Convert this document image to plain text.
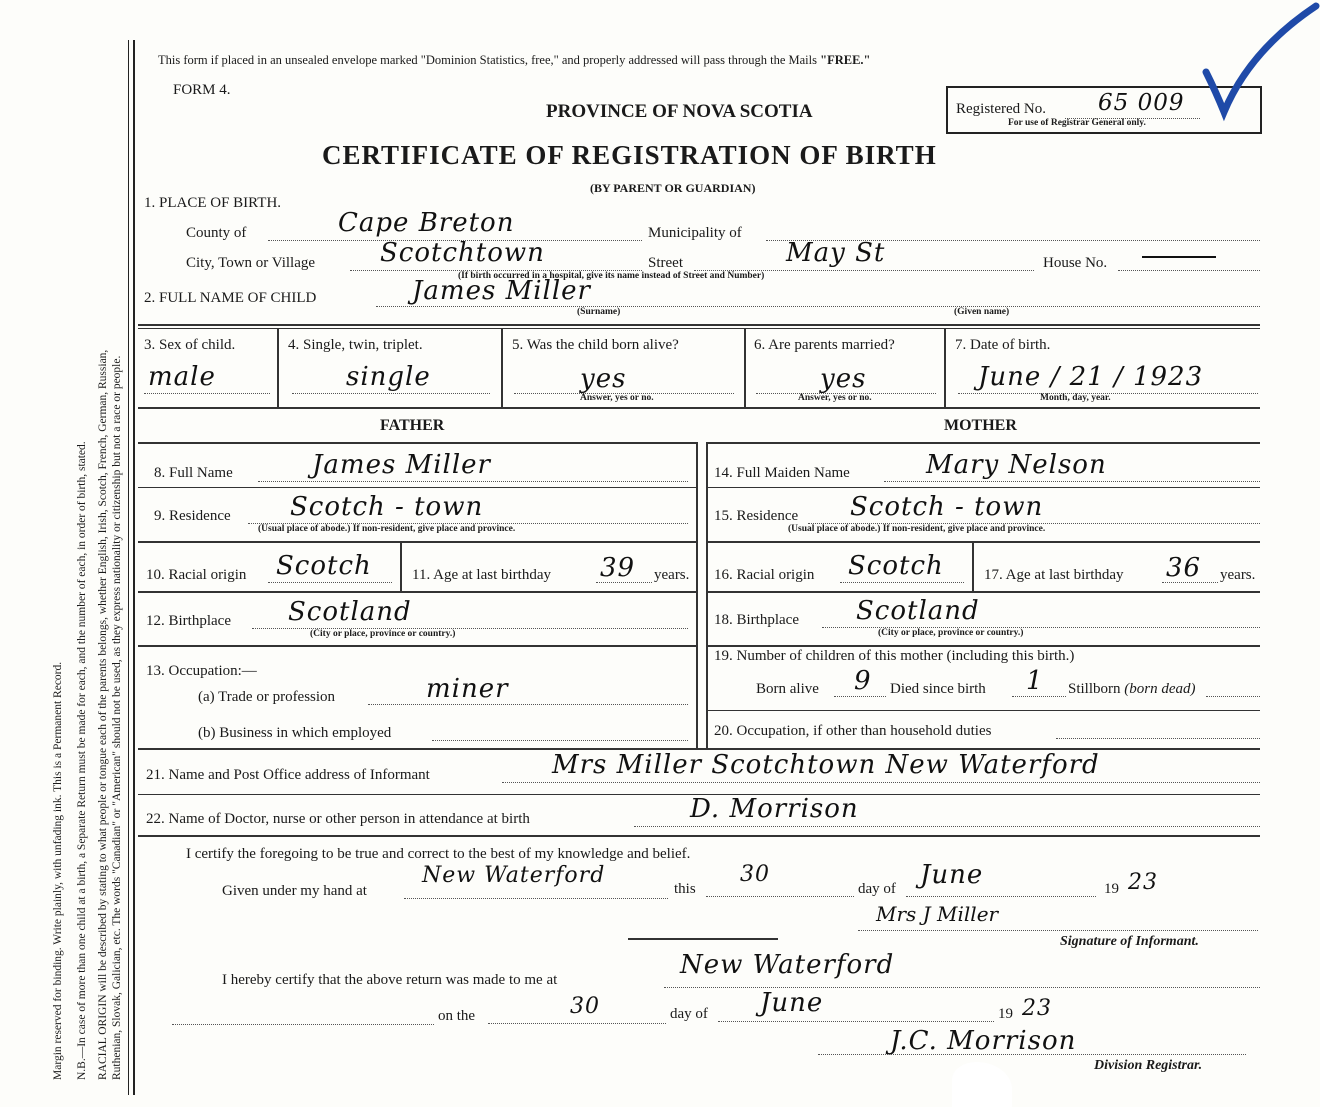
Margin reserved for binding. Write plainly, with unfading ink. This is a Permanent Record. N.B.—In case of more than one child at a birth, a Separate Return must be made for each, and the number of each, in order of birth, stated. RACIAL ORIGIN will be described by stating to what people or tongue each of the parents belongs, whether English, Irish, Scotch, French, German, Russian, Ruthenian, Slovak, Galician, etc. The words "Canadian" or "American" should not be used, as they express nationality or citizenship but not a race or people.
This form if placed in an unsealed envelope marked "Dominion Statistics, free," and properly addressed will pass through the Mails "FREE."
FORM 4.
PROVINCE OF NOVA SCOTIA	Registered No. 65 009
For use of Registrar General only.
CERTIFICATE OF REGISTRATION OF BIRTH
(BY PARENT OR GUARDIAN)
1. PLACE OF BIRTH.
County of	Cape Breton	Municipality of
City, Town or Village Scotchtown	Street	May St	House No.
(If birth occurred in a hospital, give its name instead of Street and Number)
2. FULL NAME OF CHILD	James Miller
(Surname)	(Given name)
3. Sex of child.
male
4. Single, twin, triplet.
single
5. Was the child born alive?
yes
Answer, yes or no.
6. Are parents married?
yes
Answer, yes or no.
7. Date of birth.
June / 21 / 1923
Month, day, year.
FATHER	MOTHER
8. Full Name	James Miller
9. Residence Scotch - town
(Usual place of abode.) If non-resident, give place and province.
10. Racial origin Scotch	11. Age at last birthday 39 years.
12. Birthplace Scotland
(City or place, province or country.)
13. Occupation:—
(a) Trade or profession	miner
(b) Business in which employed
14. Full Maiden Name	Mary Nelson
15. Residence Scotch - town
(Usual place of abode.) If non-resident, give place and province.
16. Racial origin Scotch	17. Age at last birthday 36 years.
18. Birthplace Scotland
(City or place, province or country.)
19. Number of children of this mother (including this birth.)
Born alive 9 Died since birth 1 Stillborn (born dead)
20. Occupation, if other than household duties
21. Name and Post Office address of Informant	Mrs Miller Scotchtown New Waterford
22. Name of Doctor, nurse or other person in attendance at birth	D. Morrison
I certify the foregoing to be true and correct to the best of my knowledge and belief.
Given under my hand at
New Waterford
this
30
day of June	19 23
Mrs J Miller
Signature of Informant.
I hereby certify that the above return was made to me at	New Waterford
on the	30	day of June	19 23
J.C. Morrison
Division Registrar.
